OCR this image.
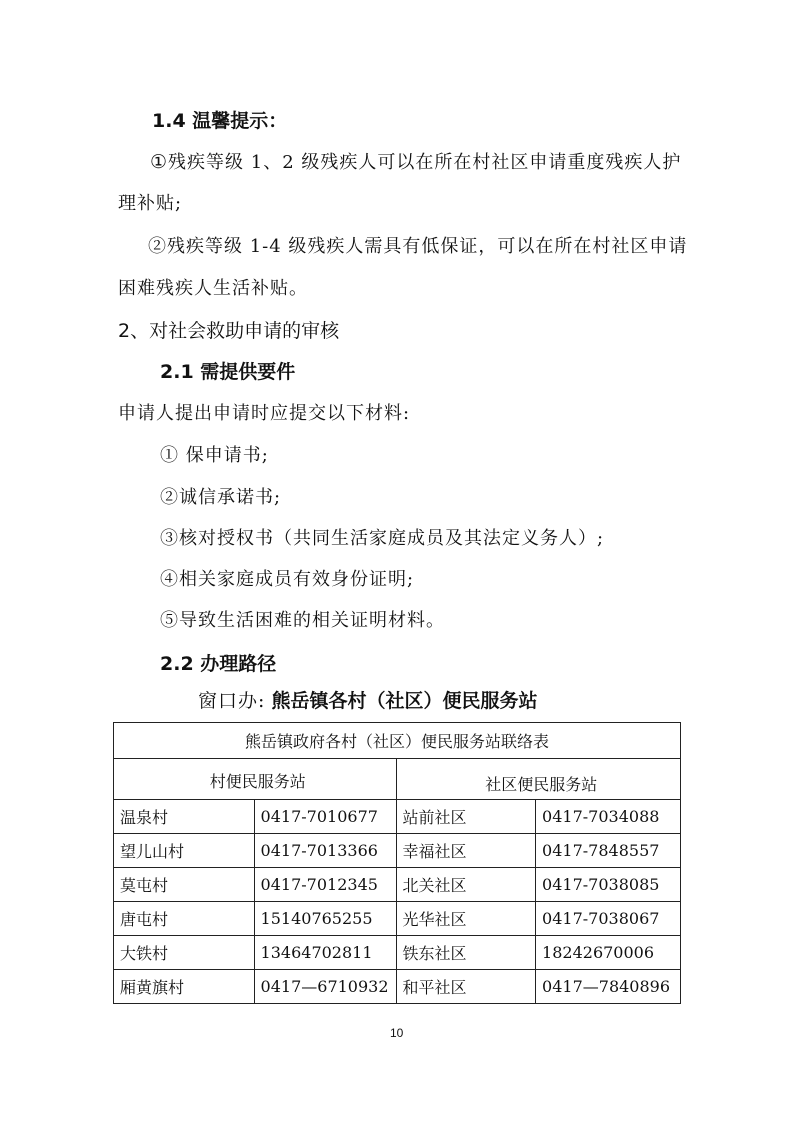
1.4 温馨提示：
①残疾等级 1、2 级残疾人可以在所在村社区申请重度残疾人护
理补贴;
②残疾等级 1-4 级残疾人需具有低保证，可以在所在村社区申请
困难残疾人生活补贴。
2、对社会救助申请的审核
2.1 需提供要件
申请人提出申请时应提交以下材料:
① 保申请书;
②诚信承诺书;
③核对授权书（共同生活家庭成员及其法定义务人）;
④相关家庭成员有效身份证明;
⑤导致生活困难的相关证明材料。
2.2 办理路径
窗口办: 熊岳镇各村（社区）便民服务站
熊岳镇政府各村（社区）便民服务站联络表			
村便民服务站		社区便民服务站	
温泉村	0417-7010677	站前社区	0417-7034088
望儿山村	0417-7013366	幸福社区	0417-7848557
莫屯村	0417-7012345	北关社区	0417-7038085
唐屯村	15140765255	光华社区	0417-7038067
大铁村	13464702811	铁东社区	18242670006
厢黄旗村	0417—6710932	和平社区	0417—7840896
10
